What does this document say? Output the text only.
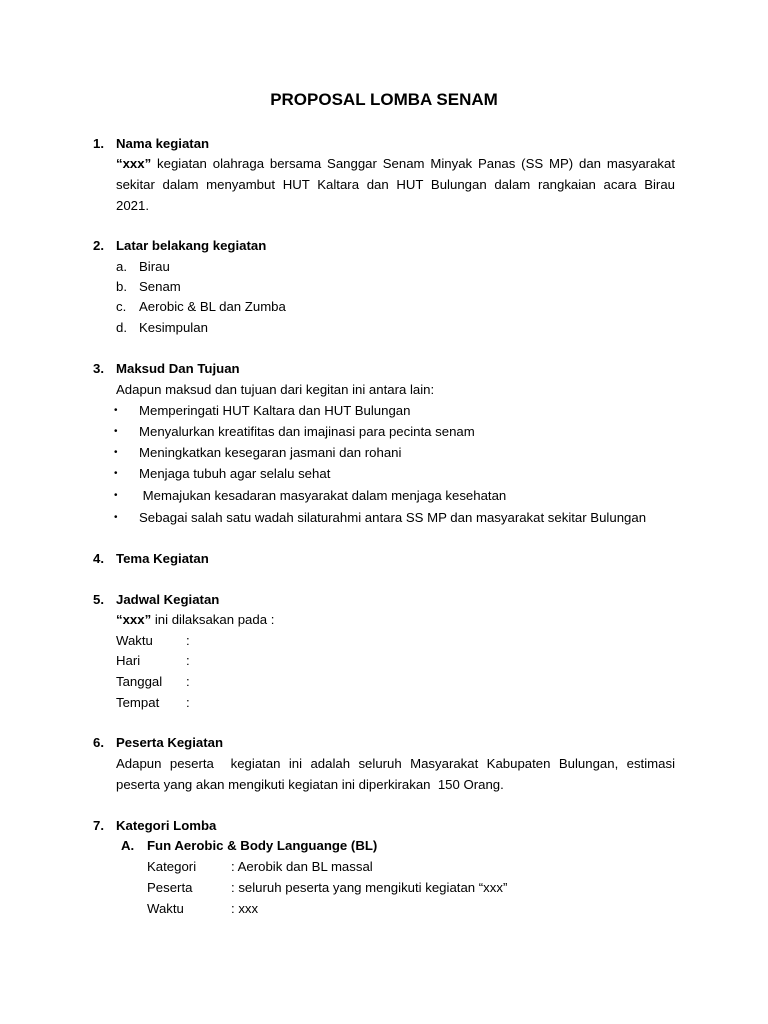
PROPOSAL LOMBA SENAM
1. Nama kegiatan
“xxx” kegiatan olahraga bersama Sanggar Senam Minyak Panas (SS MP) dan masyarakat
sekitar dalam menyambut HUT Kaltara dan HUT Bulungan dalam rangkaian acara Birau
2021.
2. Latar belakang kegiatan
a. Birau
b. Senam
c. Aerobic & BL dan Zumba
d. Kesimpulan
3. Maksud Dan Tujuan
Adapun maksud dan tujuan dari kegitan ini antara lain:
• Memperingati HUT Kaltara dan HUT Bulungan
• Menyalurkan kreatifitas dan imajinasi para pecinta senam
• Meningkatkan kesegaran jasmani dan rohani
• Menjaga tubuh agar selalu sehat
• Memajukan kesadaran masyarakat dalam menjaga kesehatan
• Sebagai salah satu wadah silaturahmi antara SS MP dan masyarakat sekitar Bulungan
4. Tema Kegiatan
5. Jadwal Kegiatan
“xxx” ini dilaksakan pada :
Waktu	:
Hari	:
Tanggal :
Tempat :
6. Peserta Kegiatan
Adapun peserta  kegiatan ini adalah seluruh Masyarakat Kabupaten Bulungan, estimasi
peserta yang akan mengikuti kegiatan ini diperkirakan  150 Orang.
7. Kategori Lomba
A. Fun Aerobic & Body Languange (BL)
Kategori	: Aerobik dan BL massal
Peserta	: seluruh peserta yang mengikuti kegiatan “xxx”
Waktu	: xxx
